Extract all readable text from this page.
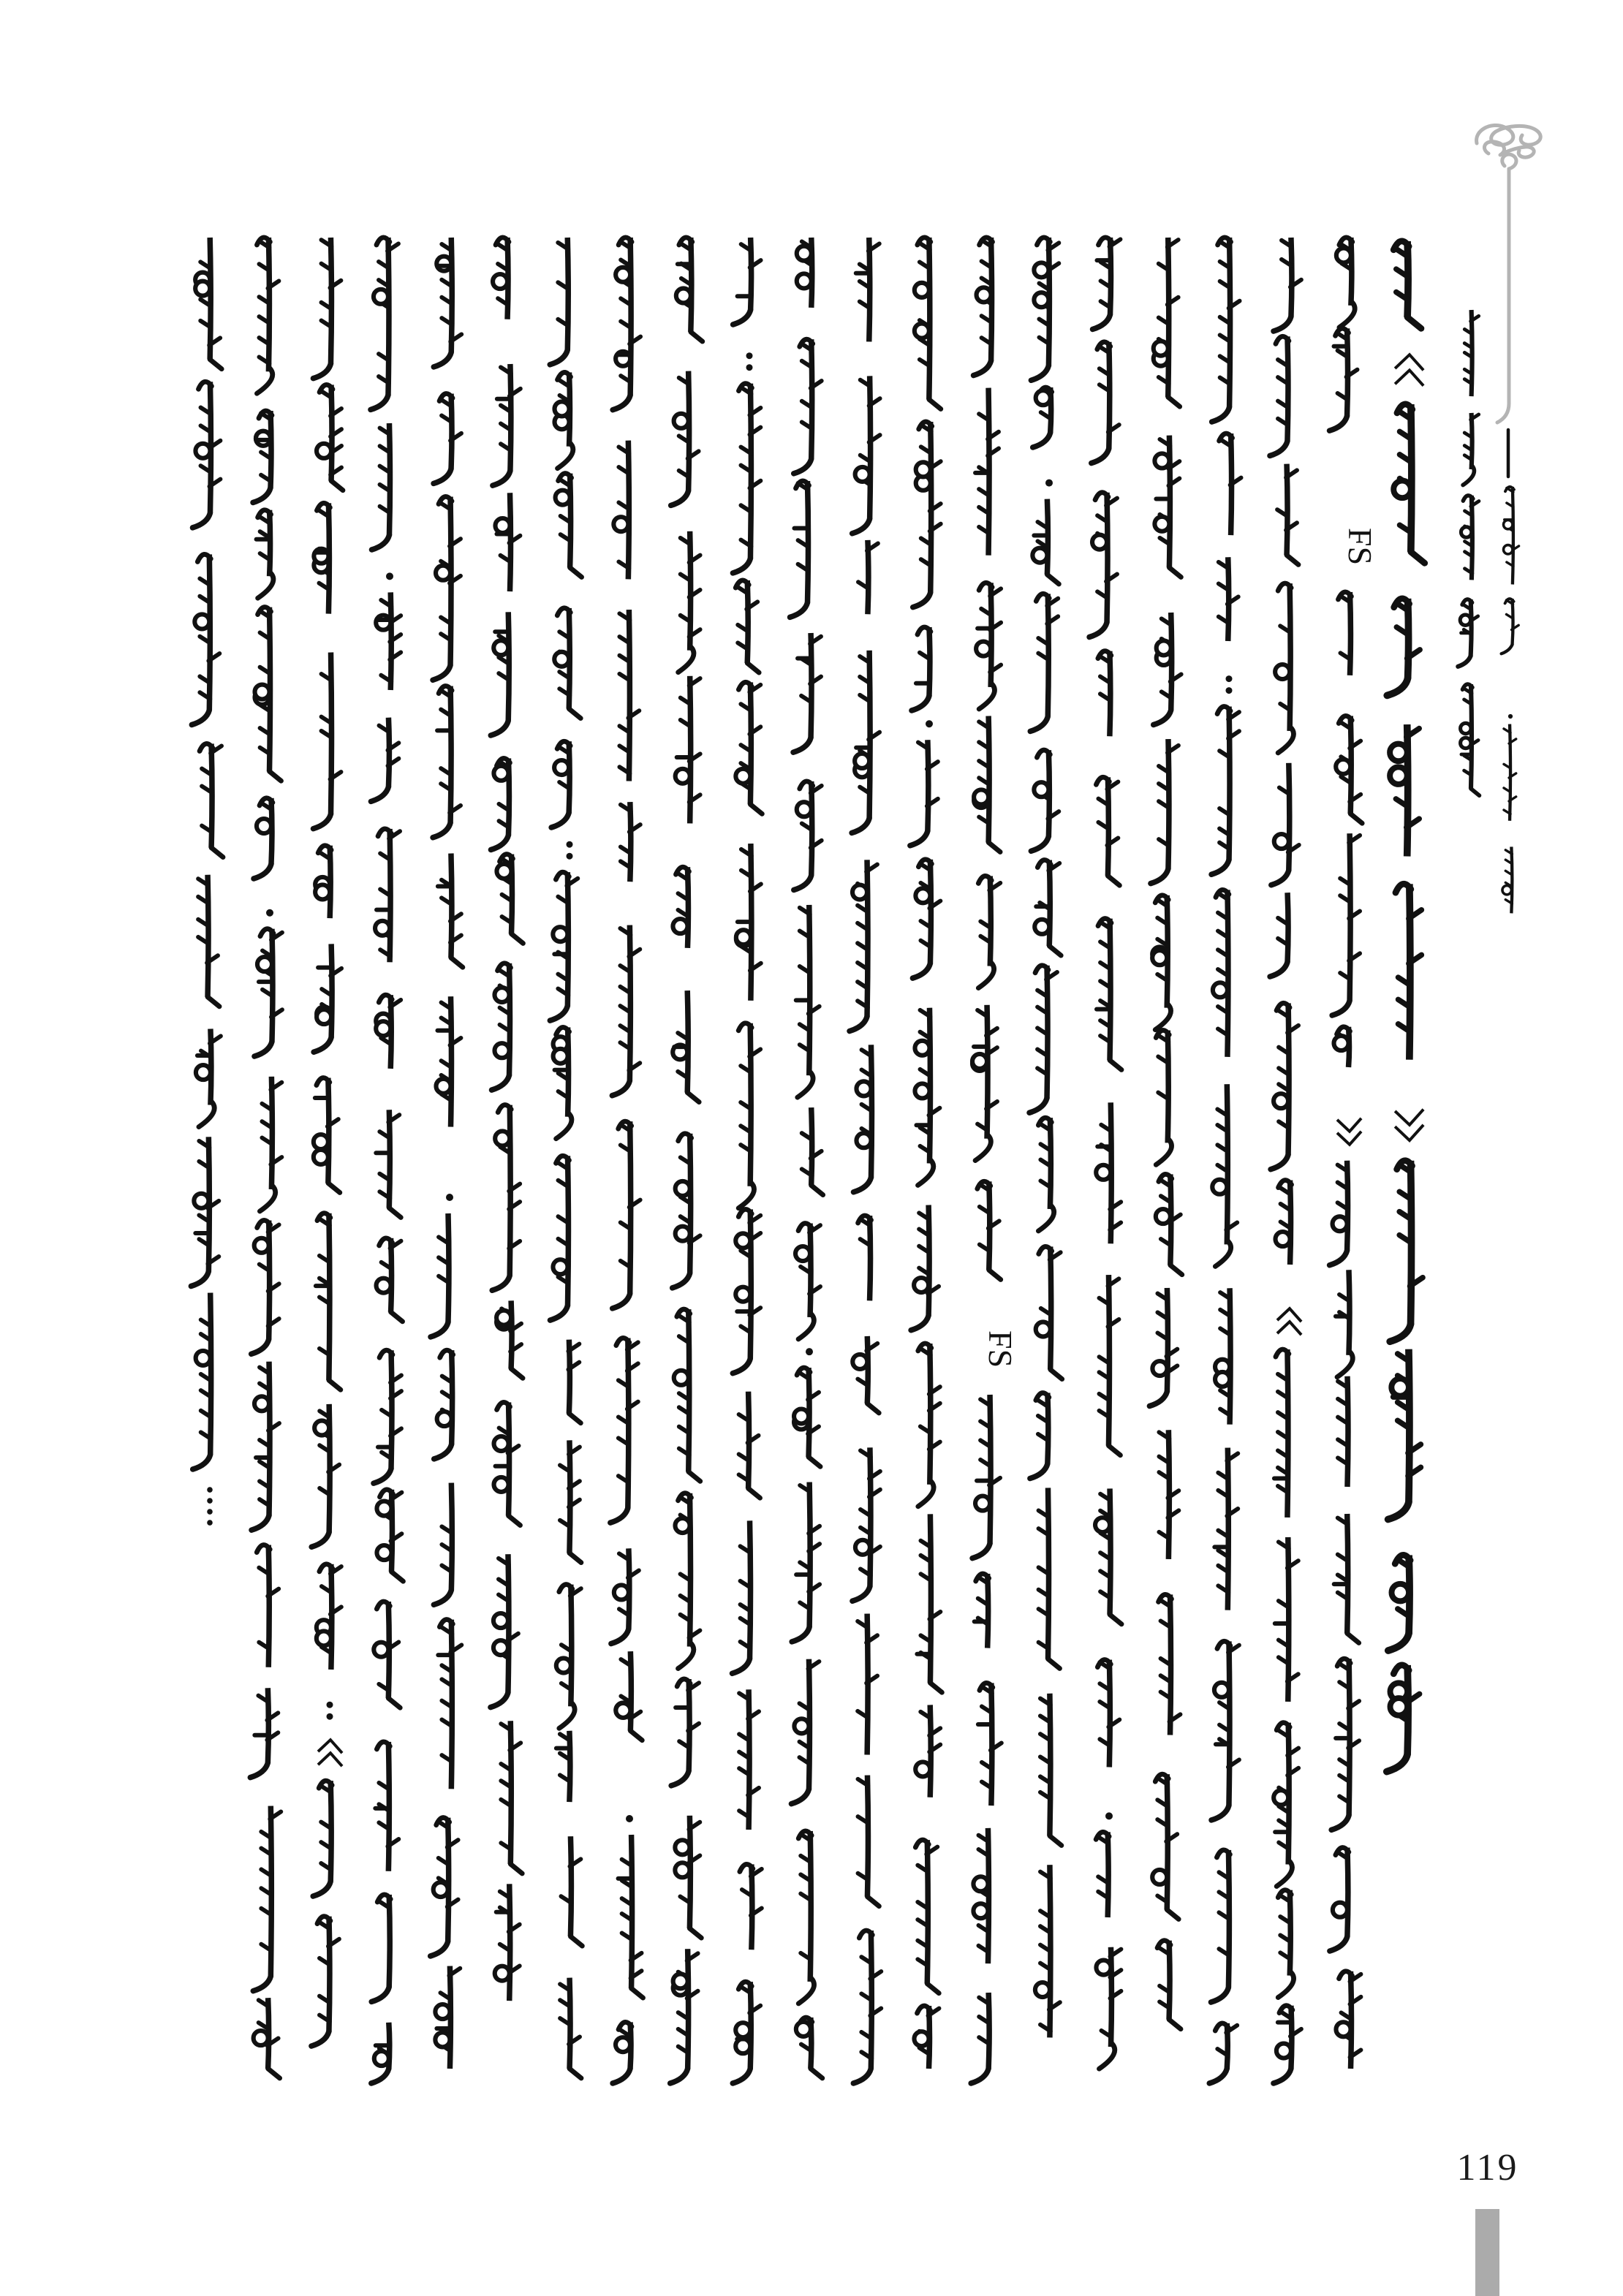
FS
FS
119
